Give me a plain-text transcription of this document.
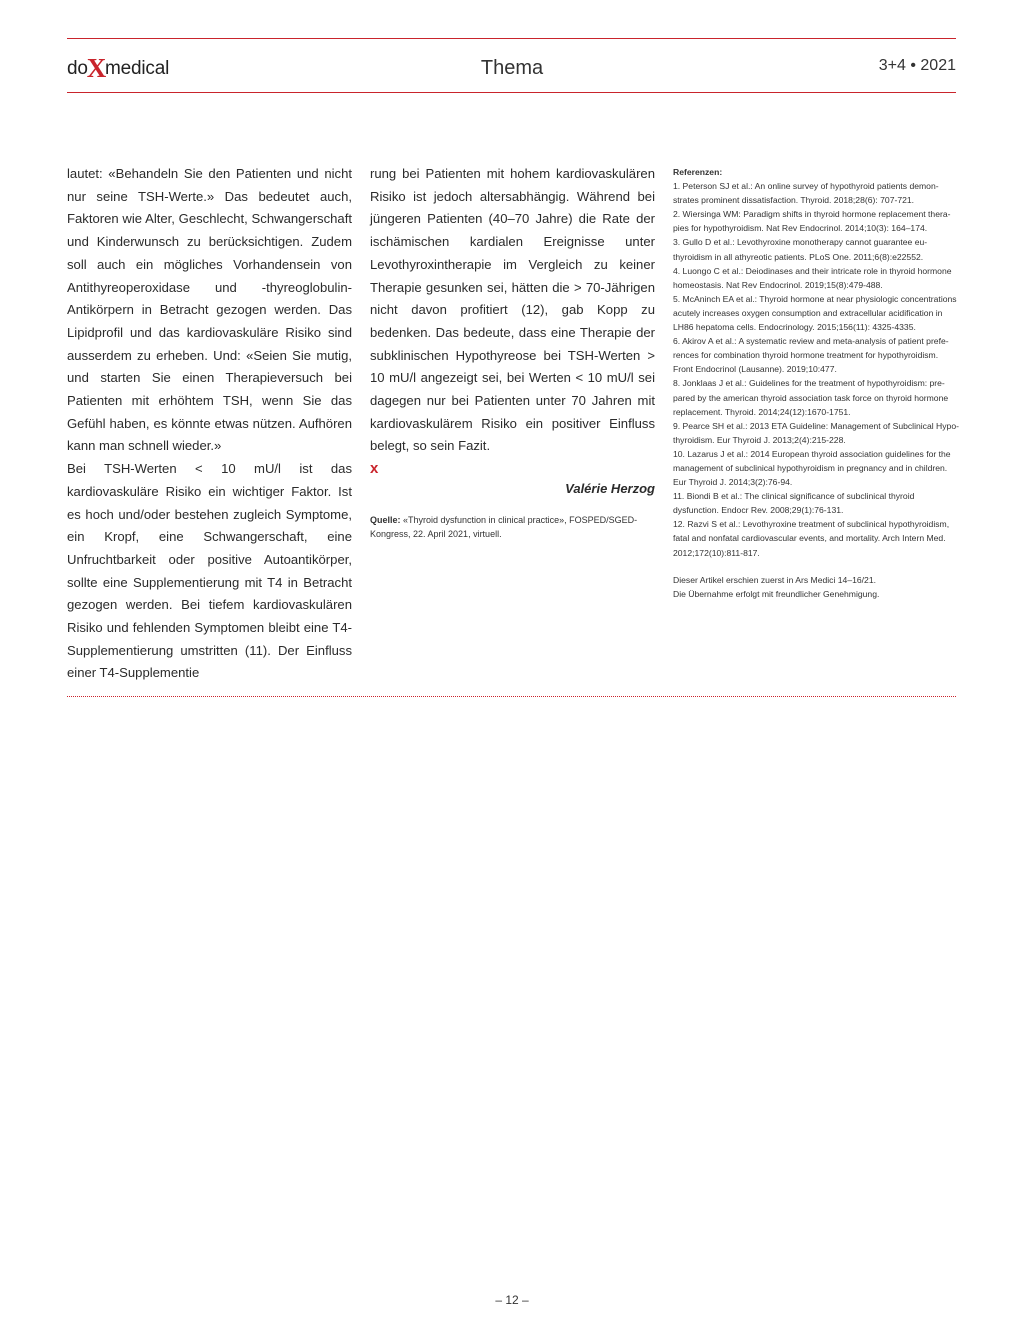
doXmedical	Thema	3+4 • 2021

lautet: «Behandeln Sie den Patienten und nicht nur seine TSH-Werte.» Das bedeutet auch, Faktoren wie Alter, Geschlecht, Schwangerschaft und Kinderwunsch zu berücksichtigen. Zudem soll auch ein mögliches Vorhandensein von Antithyreoperoxidase und -thyreoglobulin-Antikörpern in Betracht gezogen werden. Das Lipidprofil und das kardiovaskuläre Risiko sind ausserdem zu erheben. Und: «Seien Sie mutig, und starten Sie einen Therapieversuch bei Patienten mit erhöhtem TSH, wenn Sie das Gefühl haben, es könnte etwas nützen. Aufhören kann man schnell wieder.»

Bei TSH-Werten < 10 mU/l ist das kardiovaskuläre Risiko ein wichtiger Faktor. Ist es hoch und/oder bestehen zugleich Symptome, ein Kropf, eine Schwangerschaft, eine Unfruchtbarkeit oder positive Autoantikörper, sollte eine Supplementierung mit T4 in Betracht gezogen werden. Bei tiefem kardiovaskulären Risiko und fehlenden Symptomen bleibt eine T4-Supplementierung umstritten (11). Der Einfluss einer T4-Supplementie

rung bei Patienten mit hohem kardiovaskulären Risiko ist jedoch altersabhängig. Während bei jüngeren Patienten (40–70 Jahre) die Rate der ischämischen kardialen Ereignisse unter Levothyroxintherapie im Vergleich zu keiner Therapie gesunken sei, hätten die > 70-Jährigen nicht davon profitiert (12), gab Kopp zu bedenken. Das bedeute, dass eine Therapie der subklinischen Hypothyreose bei TSH-Werten > 10 mU/l angezeigt sei, bei Werten < 10 mU/l sei dagegen nur bei Patienten unter 70 Jahren mit kardiovaskulärem Risiko ein positiver Einfluss belegt, so sein Fazit.

x
Valérie Herzog
Quelle: «Thyroid dysfunction in clinical practice», FOSPED/SGED-Kongress, 22. April 2021, virtuell.
Referenzen:

1. Peterson SJ et al.: An online survey of hypothyroid patients demon- strates prominent dissatisfaction. Thyroid. 2018;28(6): 707-721.

2. Wiersinga WM: Paradigm shifts in thyroid hormone replacement thera-pies for hypothyroidism. Nat Rev Endocrinol. 2014;10(3): 164–174.

3. Gullo D et al.: Levothyroxine monotherapy cannot guarantee euthyroidism in all athyreotic patients. PLoS One. 2011;6(8):e22552.

4. Luongo C et al.: Deiodinases and their intricate role in thyroid hormone homeostasis. Nat Rev Endocrinol. 2019;15(8):479-488.

5. McAninch EA et al.: Thyroid hormone at near physiologic concentrations acutely increases oxygen consumption and extracellular acidification in LH86 hepatoma cells. Endocrinology. 2015;156(11): 4325-4335.

6. Akirov A et al.: A systematic review and meta-analysis of patient prefe-rences for combination thyroid hormone treatment for hypothyroidism. Front Endocrinol (Lausanne). 2019;10:477.

8. Jonklaas J et al.: Guidelines for the treatment of hypothyroidism: pre- pared by the american thyroid association task force on thyroid hormone replacement. Thyroid. 2014;24(12):1670-1751.

9. Pearce SH et al.: 2013 ETA Guideline: Management of Subclinical Hypo-thyroidism. Eur Thyroid J. 2013;2(4):215-228.

10. Lazarus J et al.: 2014 European thyroid association guidelines for the management of subclinical hypothyroidism in pregnancy and in children. Eur Thyroid J. 2014;3(2):76-94.

11. Biondi B et al.: The clinical significance of subclinical thyroid dysfunction. Endocr Rev. 2008;29(1):76-131.

12. Razvi S et al.: Levothyroxine treatment of subclinical hypothyroidism, fatal and nonfatal cardiovascular events, and mortality. Arch Intern Med. 2012;172(10):811-817.

Dieser Artikel erschien zuerst in Ars Medici 14–16/21.
Die Übernahme erfolgt mit freundlicher Genehmigung.
– 12 –
